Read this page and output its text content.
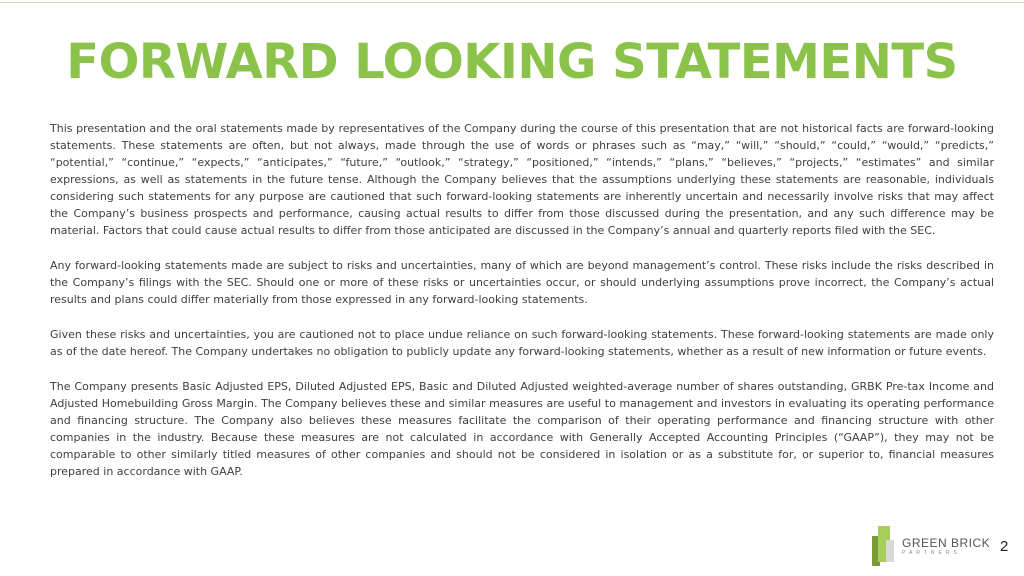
FORWARD LOOKING STATEMENTS

This presentation and the oral statements made by representatives of the Company during the course of this presentation that are not historical facts are forward-looking statements. These statements are often, but not always, made through the use of words or phrases such as “may,” “will,” “should,” “could,” “would,” “predicts,” “potential,” “continue,” “expects,” “anticipates,” “future,” “outlook,” “strategy,” “positioned,” “intends,” “plans,” “believes,” “projects,” “estimates” and similar expressions, as well as statements in the future tense. Although the Company believes that the assumptions underlying these statements are reasonable, individuals considering such statements for any purpose are cautioned that such forward-looking statements are inherently uncertain and necessarily involve risks that may affect the Company’s business prospects and performance, causing actual results to differ from those discussed during the presentation, and any such difference may be material. Factors that could cause actual results to differ from those anticipated are discussed in the Company’s annual and quarterly reports filed with the SEC.

Any forward-looking statements made are subject to risks and uncertainties, many of which are beyond management’s control. These risks include the risks described in the Company’s filings with the SEC. Should one or more of these risks or uncertainties occur, or should underlying assumptions prove incorrect, the Company’s actual results and plans could differ materially from those expressed in any forward-looking statements.

Given these risks and uncertainties, you are cautioned not to place undue reliance on such forward-looking statements. These forward-looking statements are made only as of the date hereof. The Company undertakes no obligation to publicly update any forward-looking statements, whether as a result of new information or future events.

The Company presents Basic Adjusted EPS, Diluted Adjusted EPS, Basic and Diluted Adjusted weighted-average number of shares outstanding, GRBK Pre-tax Income and Adjusted Homebuilding Gross Margin. The Company believes these and similar measures are useful to management and investors in evaluating its operating performance and financing structure. The Company also believes these measures facilitate the comparison of their operating performance and financing structure with other companies in the industry. Because these measures are not calculated in accordance with Generally Accepted Accounting Principles (“GAAP”), they may not be comparable to other similarly titled measures of other companies and should not be considered in isolation or as a substitute for, or superior to, financial measures prepared in accordance with GAAP.

GREEN BRICK
PARTNERS	2
